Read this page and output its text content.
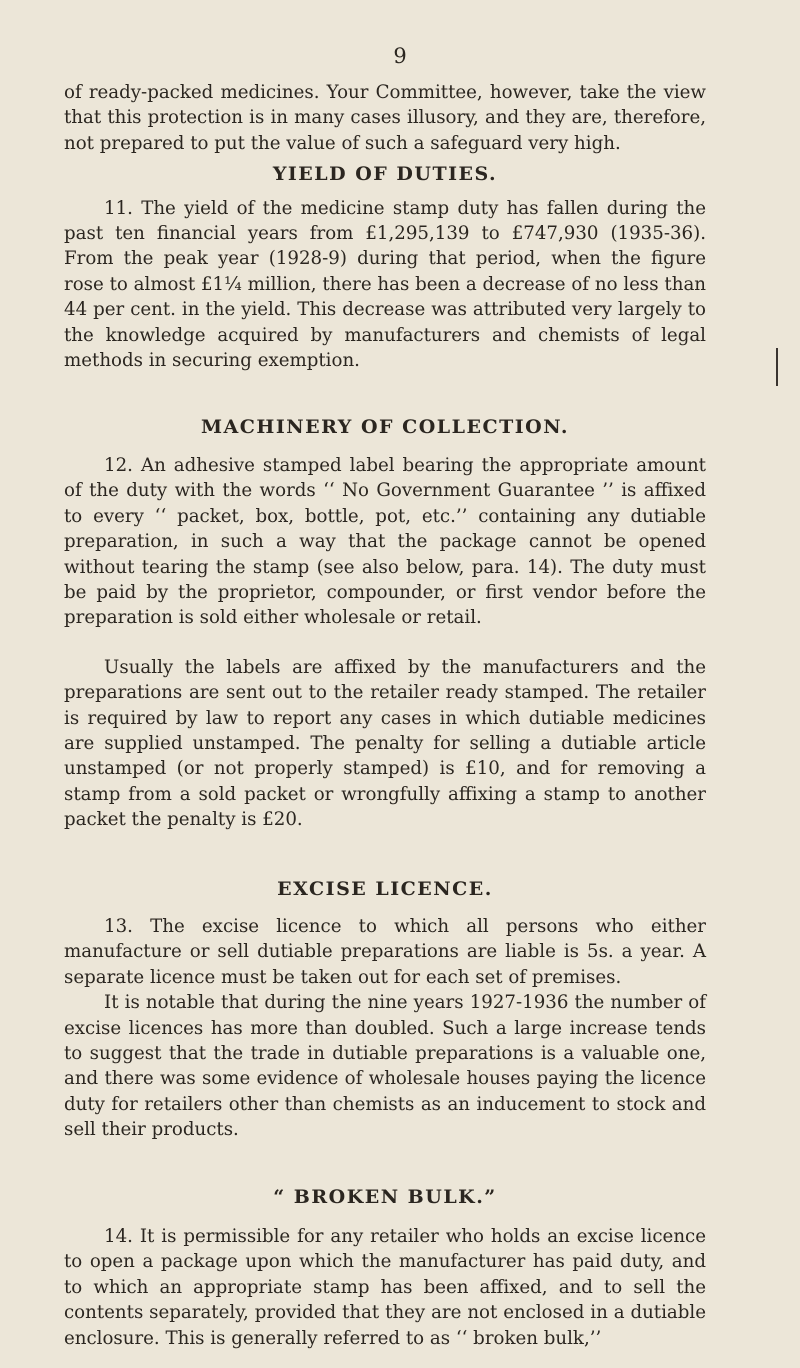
9

of ready-packed medicines. Your Committee, however, take the view that this protection is in many cases illusory, and they are, therefore, not prepared to put the value of such a safeguard very high.

YIELD OF DUTIES.

11. The yield of the medicine stamp duty has fallen during the past ten financial years from £1,295,139 to £747,930 (1935-36). From the peak year (1928-9) during that period, when the figure rose to almost £1¼ million, there has been a decrease of no less than 44 per cent. in the yield. This decrease was attributed very largely to the knowledge acquired by manufacturers and chemists of legal methods in securing exemption.

MACHINERY OF COLLECTION.

12. An adhesive stamped label bearing the appropriate amount of the duty with the words ‘‘ No Government Guarantee ’’ is affixed to every ‘‘ packet, box, bottle, pot, etc.’’ containing any dutiable preparation, in such a way that the package cannot be opened without tearing the stamp (see also below, para. 14). The duty must be paid by the proprietor, compounder, or first vendor before the preparation is sold either wholesale or retail.

Usually the labels are affixed by the manufacturers and the preparations are sent out to the retailer ready stamped. The retailer is required by law to report any cases in which dutiable medicines are supplied unstamped. The penalty for selling a dutiable article unstamped (or not properly stamped) is £10, and for removing a stamp from a sold packet or wrongfully affixing a stamp to another packet the penalty is £20.

EXCISE LICENCE.

13. The excise licence to which all persons who either manufacture or sell dutiable preparations are liable is 5s. a year. A separate licence must be taken out for each set of premises.

It is notable that during the nine years 1927-1936 the number of excise licences has more than doubled. Such a large increase tends to suggest that the trade in dutiable preparations is a valuable one, and there was some evidence of wholesale houses paying the licence duty for retailers other than chemists as an inducement to stock and sell their products.

“ BROKEN BULK.”

14. It is permissible for any retailer who holds an excise licence to open a package upon which the manufacturer has paid duty, and to which an appropriate stamp has been affixed, and to sell the contents separately, provided that they are not enclosed in a dutiable enclosure. This is generally referred to as ‘‘ broken bulk,’’
